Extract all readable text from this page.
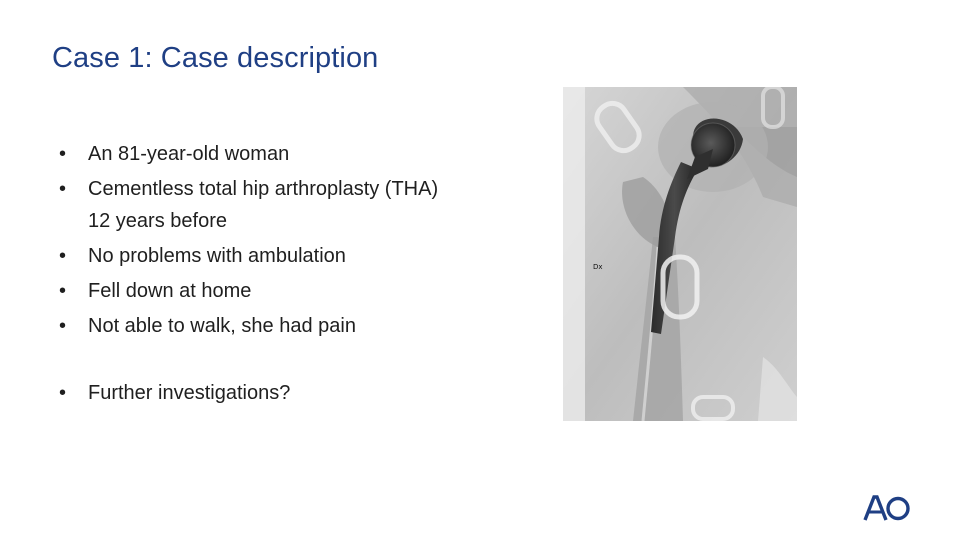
Case 1: Case description
• An 81-year-old woman
• Cementless total hip arthroplasty (THA)
12 years before
• No problems with ambulation
• Fell down at home
• Not able to walk, she had pain
• Further investigations?
Dx
